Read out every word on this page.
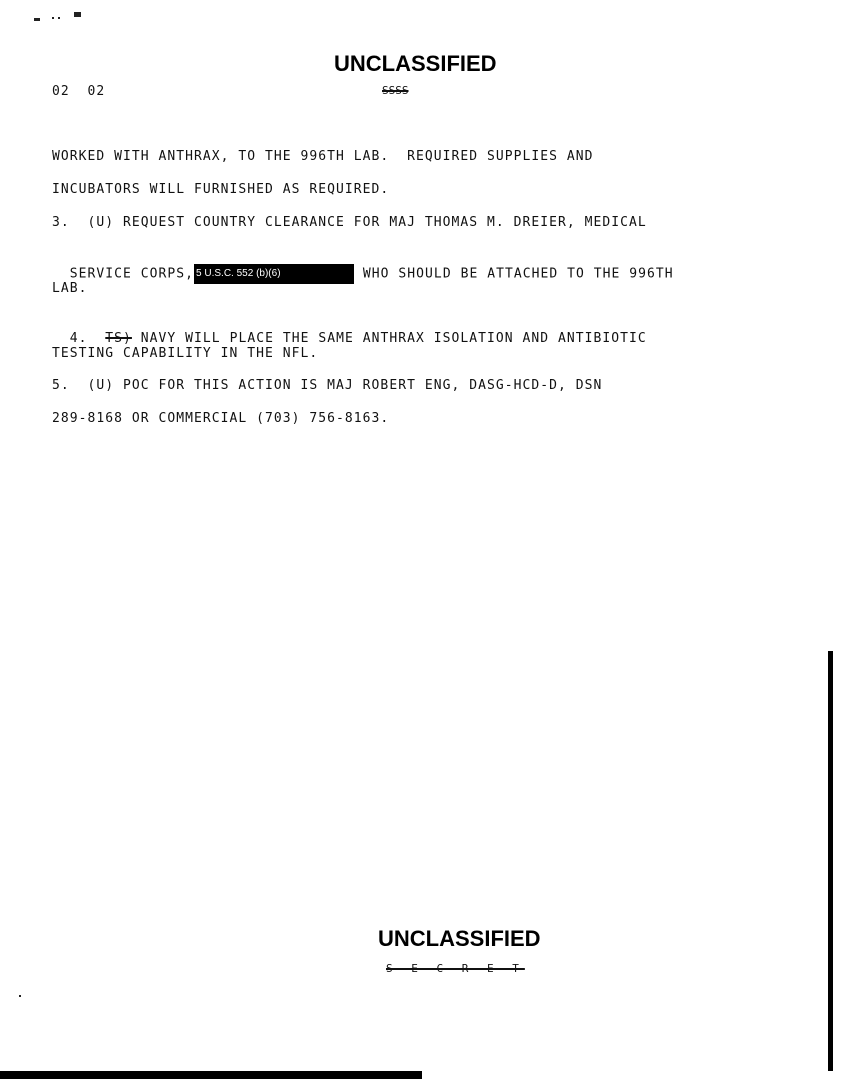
UNCLASSIFIED
02  02	SSSS
WORKED WITH ANTHRAX, TO THE 996TH LAB.  REQUIRED SUPPLIES AND
INCUBATORS WILL FURNISHED AS REQUIRED.
3.  (U) REQUEST COUNTRY CLEARANCE FOR MAJ THOMAS M. DREIER, MEDICAL

SERVICE CORPS, 5 U.S.C. 552 (b)(6)	WHO SHOULD BE ATTACHED TO THE 996TH

LAB.

4.  TS) NAVY WILL PLACE THE SAME ANTHRAX ISOLATION AND ANTIBIOTIC

TESTING CAPABILITY IN THE NFL.
5.  (U) POC FOR THIS ACTION IS MAJ ROBERT ENG, DASG-HCD-D, DSN
289-8168 OR COMMERCIAL (703) 756-8163.
UNCLASSIFIED
S E C R E T
